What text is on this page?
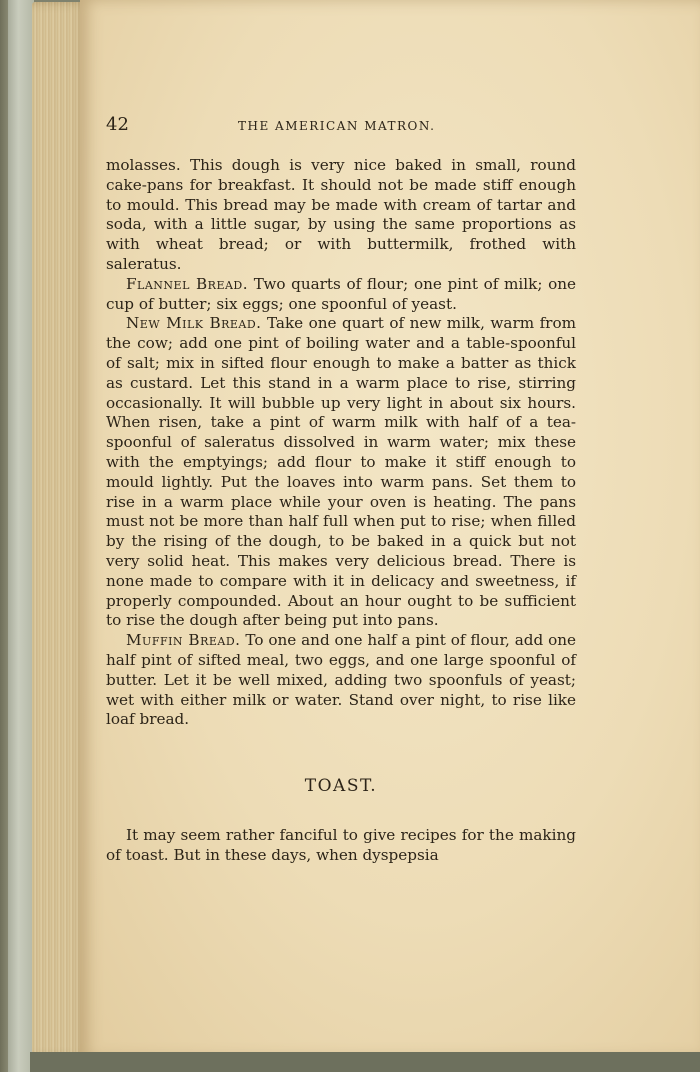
42	THE AMERICAN MATRON.

molasses. This dough is very nice baked in small, round cake-pans for breakfast. It should not be made stiff enough to mould. This bread may be made with cream of tartar and soda, with a little sugar, by using the same proportions as with wheat bread; or with buttermilk, frothed with saleratus.

Flannel Bread. Two quarts of flour; one pint of milk; one cup of butter; six eggs; one spoonful of yeast.

New Milk Bread. Take one quart of new milk, warm from the cow; add one pint of boiling water and a table-spoonful of salt; mix in sifted flour enough to make a batter as thick as custard. Let this stand in a warm place to rise, stirring occasionally. It will bubble up very light in about six hours. When risen, take a pint of warm milk with half of a tea-spoonful of saleratus dissolved in warm water; mix these with the emptyings; add flour to make it stiff enough to mould lightly. Put the loaves into warm pans. Set them to rise in a warm place while your oven is heating. The pans must not be more than half full when put to rise; when filled by the rising of the dough, to be baked in a quick but not very solid heat. This makes very delicious bread. There is none made to compare with it in delicacy and sweetness, if properly compounded. About an hour ought to be sufficient to rise the dough after being put into pans.

Muffin Bread. To one and one half a pint of flour, add one half pint of sifted meal, two eggs, and one large spoonful of butter. Let it be well mixed, adding two spoonfuls of yeast; wet with either milk or water. Stand over night, to rise like loaf bread.

TOAST.

It may seem rather fanciful to give recipes for the making of toast. But in these days, when dyspepsia
